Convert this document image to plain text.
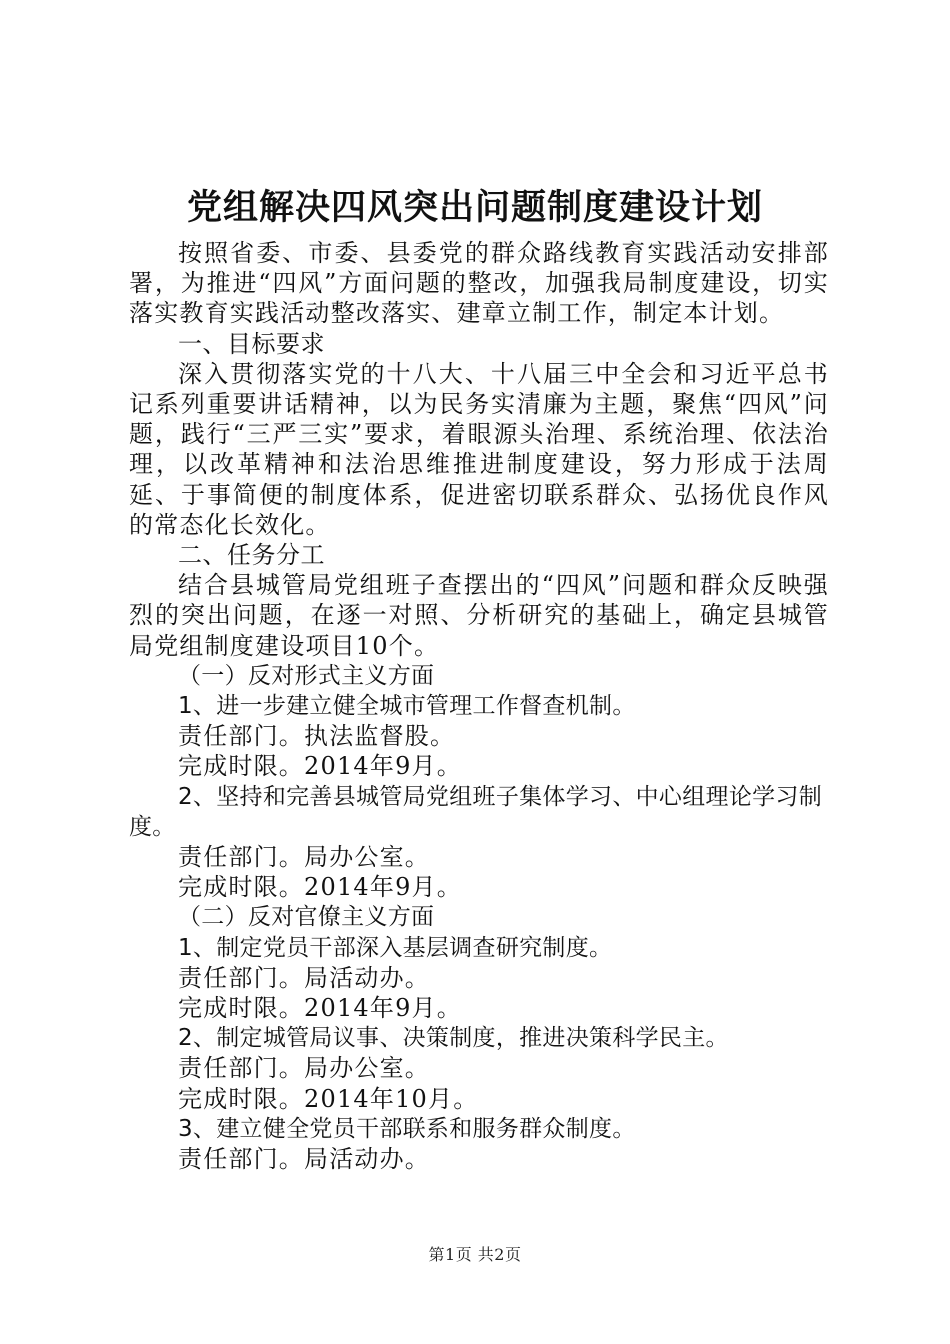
党组解决四风突出问题制度建设计划

按照省委、市委、县委党的群众路线教育实践活动安排部署，为推进“四风”方面问题的整改，加强我局制度建设，切实落实教育实践活动整改落实、建章立制工作，制定本计划。

一、目标要求

深入贯彻落实党的十八大、十八届三中全会和习近平总书记系列重要讲话精神，以为民务实清廉为主题，聚焦“四风”问题，践行“三严三实”要求，着眼源头治理、系统治理、依法治理，以改革精神和法治思维推进制度建设，努力形成于法周延、于事简便的制度体系，促进密切联系群众、弘扬优良作风的常态化长效化。

二、任务分工

结合县城管局党组班子查摆出的“四风”问题和群众反映强烈的突出问题，在逐一对照、分析研究的基础上，确定县城管局党组制度建设项目10个。

（一）反对形式主义方面

1、进一步建立健全城市管理工作督查机制。

责任部门。执法监督股。

完成时限。2014年9月。

2、坚持和完善县城管局党组班子集体学习、中心组理论学习制度。

责任部门。局办公室。

完成时限。2014年9月。

（二）反对官僚主义方面

1、制定党员干部深入基层调查研究制度。

责任部门。局活动办。

完成时限。2014年9月。

2、制定城管局议事、决策制度，推进决策科学民主。

责任部门。局办公室。

完成时限。2014年10月。

3、建立健全党员干部联系和服务群众制度。

责任部门。局活动办。

第1页 共2页
